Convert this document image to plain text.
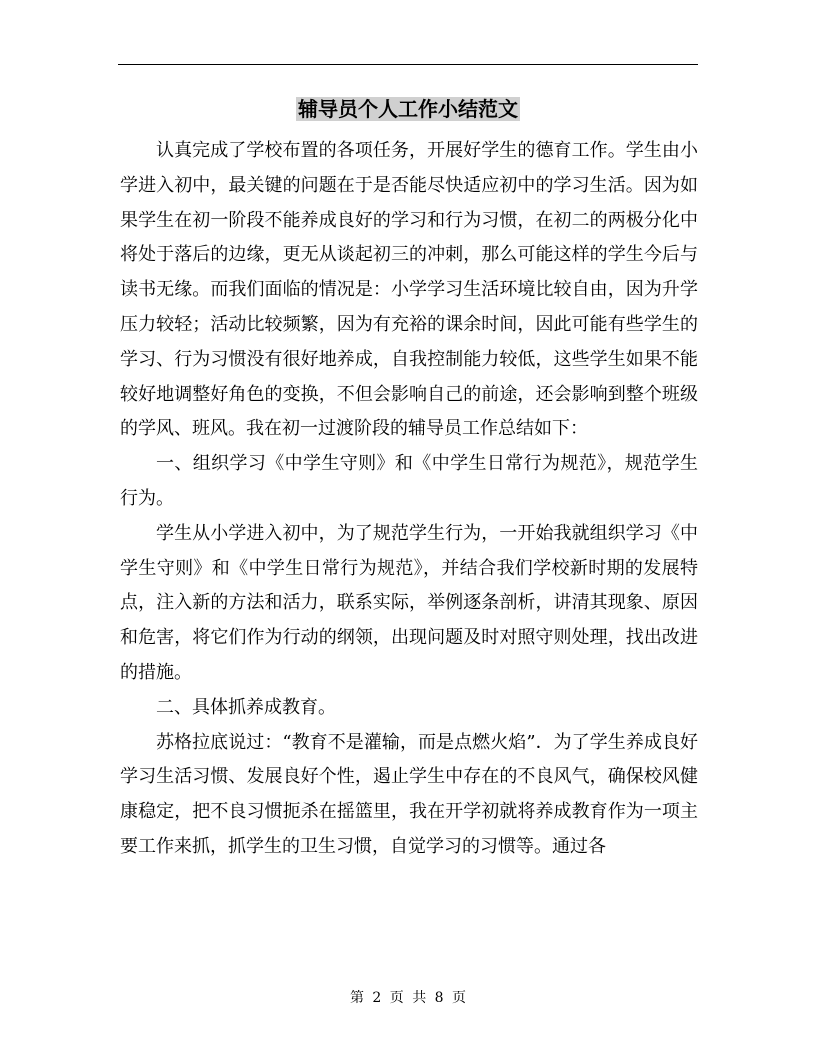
辅导员个人工作小结范文

认真完成了学校布置的各项任务，开展好学生的德育工作。学生由小学进入初中，最关键的问题在于是否能尽快适应初中的学习生活。因为如果学生在初一阶段不能养成良好的学习和行为习惯，在初二的两极分化中将处于落后的边缘，更无从谈起初三的冲刺，那么可能这样的学生今后与读书无缘。而我们面临的情况是：小学学习生活环境比较自由，因为升学压力较轻；活动比较频繁，因为有充裕的课余时间，因此可能有些学生的学习、行为习惯没有很好地养成，自我控制能力较低，这些学生如果不能较好地调整好角色的变换，不但会影响自己的前途，还会影响到整个班级的学风、班风。我在初一过渡阶段的辅导员工作总结如下：

一、组织学习《中学生守则》和《中学生日常行为规范》，规范学生行为。

学生从小学进入初中，为了规范学生行为，一开始我就组织学习《中学生守则》和《中学生日常行为规范》，并结合我们学校新时期的发展特点，注入新的方法和活力，联系实际，举例逐条剖析，讲清其现象、原因和危害，将它们作为行动的纲领，出现问题及时对照守则处理，找出改进的措施。

二、具体抓养成教育。

苏格拉底说过：“教育不是灌输，而是点燃火焰”．为了学生养成良好学习生活习惯、发展良好个性，遏止学生中存在的不良风气，确保校风健康稳定，把不良习惯扼杀在摇篮里，我在开学初就将养成教育作为一项主要工作来抓，抓学生的卫生习惯，自觉学习的习惯等。通过各

第 2 页 共 8 页
